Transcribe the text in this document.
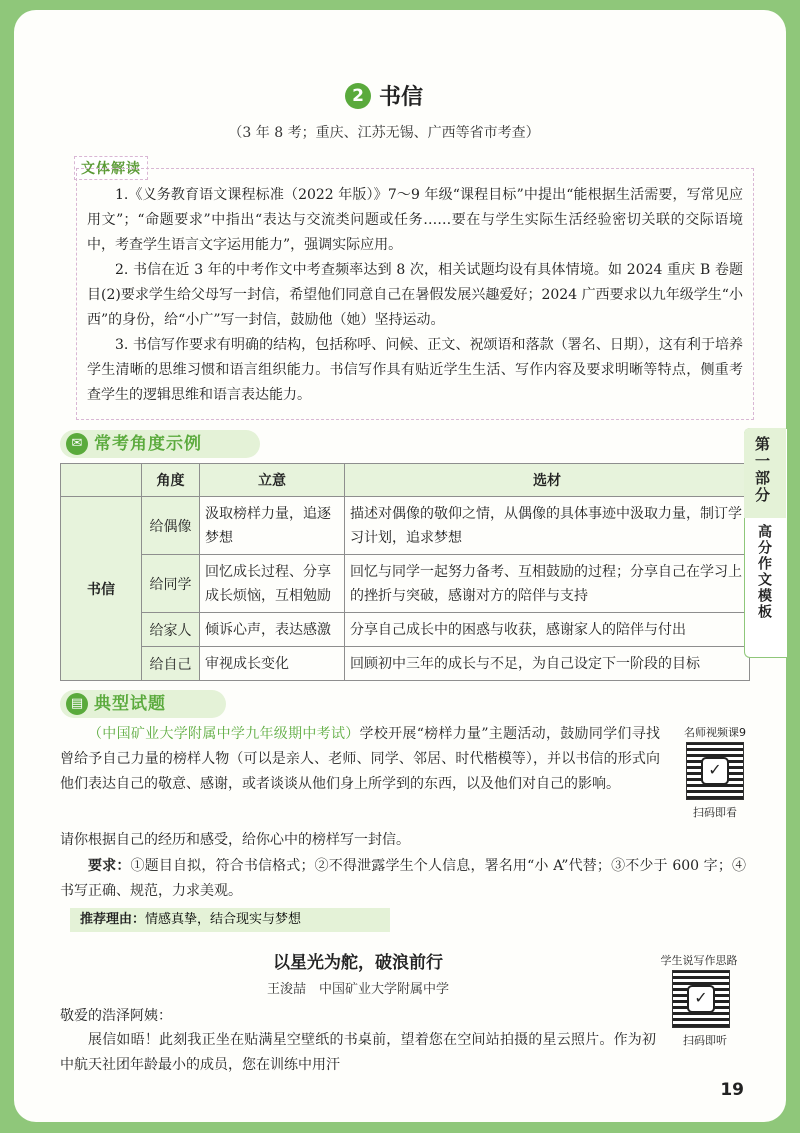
2 书信
（3 年 8 考；重庆、江苏无锡、广西等省市考查）
文体解读
1.《义务教育语文课程标准（2022 年版）》7～9 年级“课程目标”中提出“能根据生活需要，写常见应用文”；“命题要求”中指出“表达与交流类问题或任务……要在与学生实际生活经验密切关联的交际语境中，考查学生语言文字运用能力”，强调实际应用。
2. 书信在近 3 年的中考作文中考查频率达到 8 次，相关试题均设有具体情境。如 2024 重庆 B 卷题目(2)要求学生给父母写一封信，希望他们同意自己在暑假发展兴趣爱好；2024 广西要求以九年级学生“小西”的身份，给“小广”写一封信，鼓励他（她）坚持运动。
3. 书信写作要求有明确的结构，包括称呼、问候、正文、祝颂语和落款（署名、日期），这有利于培养学生清晰的思维习惯和语言组织能力。书信写作具有贴近学生生活、写作内容及要求明晰等特点，侧重考查学生的逻辑思维和语言表达能力。
✉ 常考角度示例
	角度	立意	选材
书信	给偶像	汲取榜样力量，追逐梦想	描述对偶像的敬仰之情，从偶像的具体事迹中汲取力量，制订学习计划，追求梦想
	给同学	回忆成长过程、分享成长烦恼，互相勉励	回忆与同学一起努力备考、互相鼓励的过程；分享自己在学习上的挫折与突破，感谢对方的陪伴与支持
	给家人	倾诉心声，表达感激	分享自己成长中的困惑与收获，感谢家人的陪伴与付出
	给自己	审视成长变化	回顾初中三年的成长与不足，为自己设定下一阶段的目标
▤ 典型试题
（中国矿业大学附属中学九年级期中考试）学校开展“榜样力量”主题活动，鼓励同学们寻找曾给予自己力量的榜样人物（可以是亲人、老师、同学、邻居、时代楷模等），并以书信的形式向他们表达自己的敬意、感谢，或者谈谈从他们身上所学到的东西，以及他们对自己的影响。
请你根据自己的经历和感受，给你心中的榜样写一封信。
要求：①题目自拟，符合书信格式；②不得泄露学生个人信息，署名用“小 A”代替；③不少于 600 字；④书写正确、规范，力求美观。
名师视频课9
✓
扫码即看
推荐理由：情感真挚，结合现实与梦想
以星光为舵，破浪前行
王浚喆　中国矿业大学附属中学
敬爱的浩泽阿姨：
展信如晤！此刻我正坐在贴满星空壁纸的书桌前，望着您在空间站拍摄的星云照片。作为初中航天社团年龄最小的成员，您在训练中用汗
学生说写作思路
✓
扫码即听
19
第一部分
高分作文模板
